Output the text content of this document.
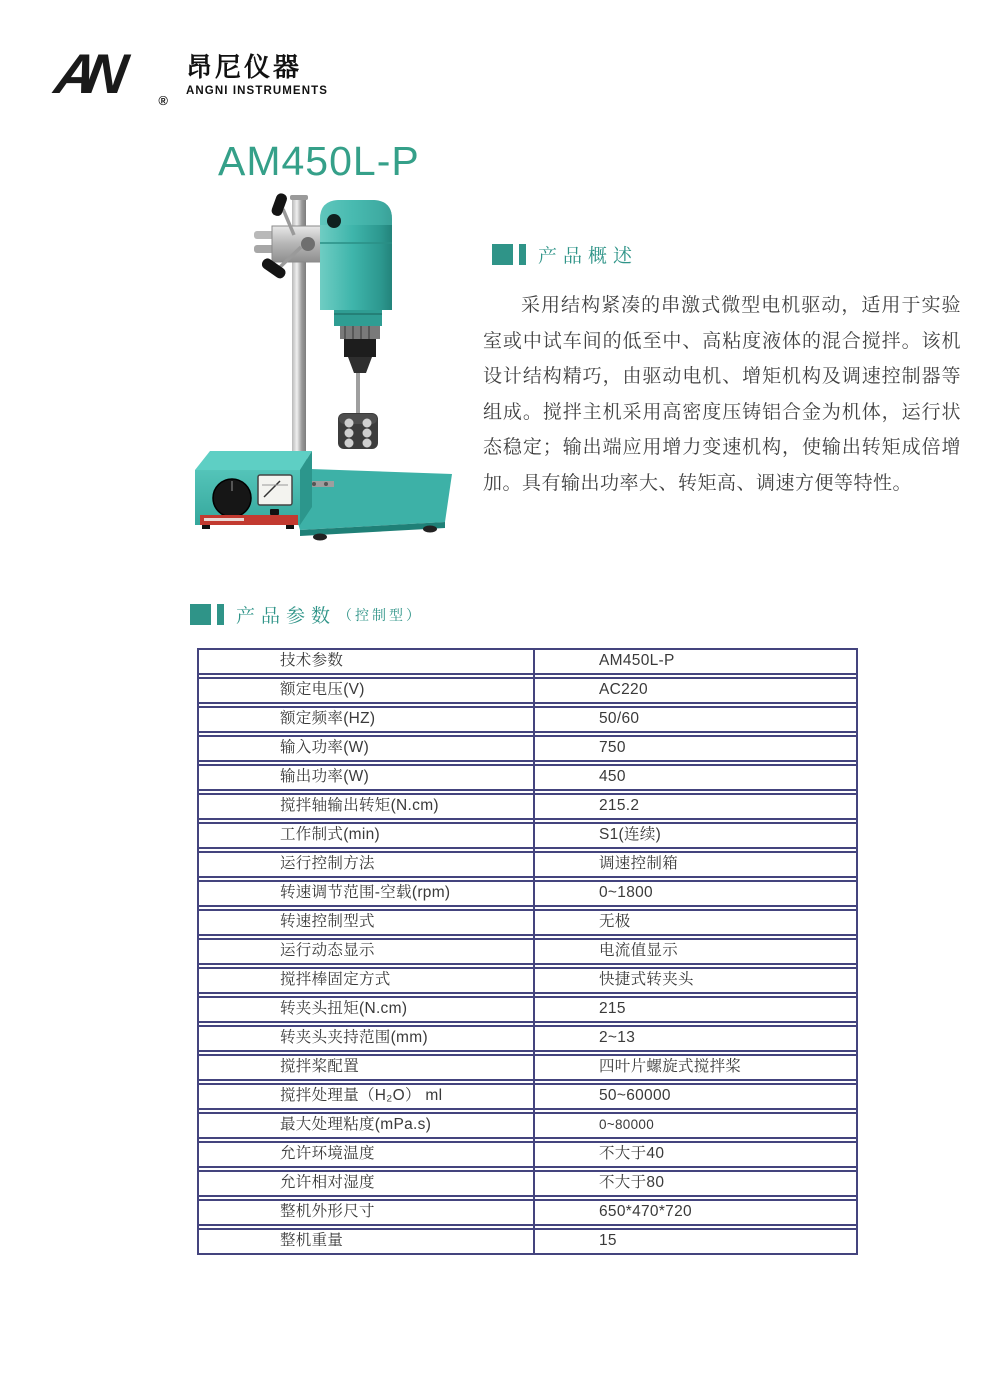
AN	®
昂尼仪器
ANGNI INSTRUMENTS
AM450L-P
产品概述

采用结构紧凑的串激式微型电机驱动，适用于实验室或中试车间的低至中、高粘度液体的混合搅拌。该机设计结构精巧，由驱动电机、增矩机构及调速控制器等组成。搅拌主机采用高密度压铸铝合金为机体，运行状态稳定；输出端应用增力变速机构，使输出转矩成倍增加。具有输出功率大、转矩高、调速方便等特性。

产品参数 （控制型）
技术参数	AM450L-P
额定电压(V)	AC220
额定频率(HZ)	50/60
输入功率(W)	750
输出功率(W)	450
搅拌轴输出转矩(N.cm)	215.2
工作制式(min)	S1(连续)
运行控制方法	调速控制箱
转速调节范围-空载(rpm)	0~1800
转速控制型式	无极
运行动态显示	电流值显示
搅拌棒固定方式	快捷式转夹头
转夹头扭矩(N.cm)	215
转夹头夹持范围(mm)	2~13
搅拌桨配置	四叶片螺旋式搅拌桨
搅拌处理量（H₂O） ml	50~60000
最大处理粘度(mPa.s)	0~80000
允许环境温度	不大于40
允许相对湿度	不大于80
整机外形尺寸	650*470*720
整机重量	15
